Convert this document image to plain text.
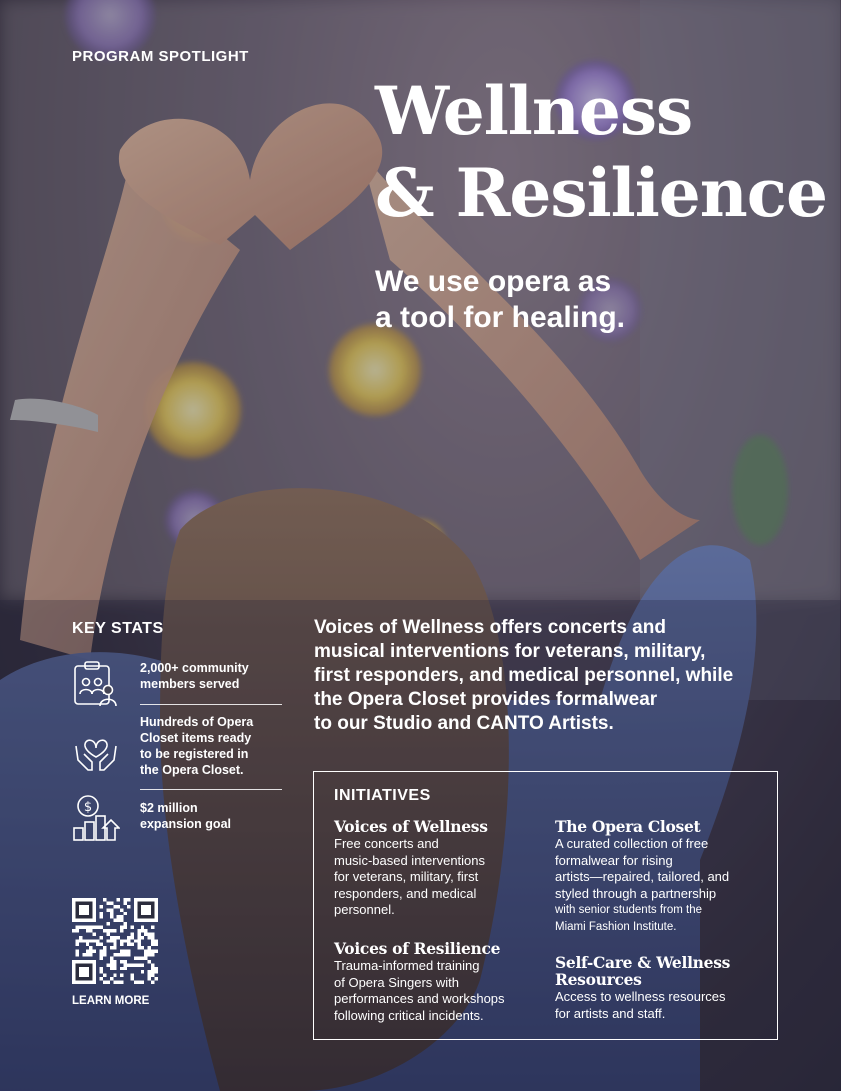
PROGRAM SPOTLIGHT
Wellness
& Resilience
We use opera as
a tool for healing.
KEY STATS
2,000+ community
members served
Hundreds of Opera
Closet items ready
to be registered in
the Opera Closet.
$	$2 million
expansion goal
LEARN MORE
Voices of Wellness offers concerts and
musical interventions for veterans, military,
first responders, and medical personnel, while
the Opera Closet provides formalwear
to our Studio and CANTO Artists.
INITIATIVES
Voices of Wellness
Free concerts and
music-based interventions
for veterans, military, first
responders, and medical
personnel.
Voices of Resilience
Trauma-informed training
of Opera Singers with
performances and workshops
following critical incidents.
The Opera Closet
A curated collection of free
formalwear for rising
artists—repaired, tailored, and
styled through a partnership
with senior students from the
Miami Fashion Institute.
Self-Care & Wellness
Resources
Access to wellness resources
for artists and staff.
